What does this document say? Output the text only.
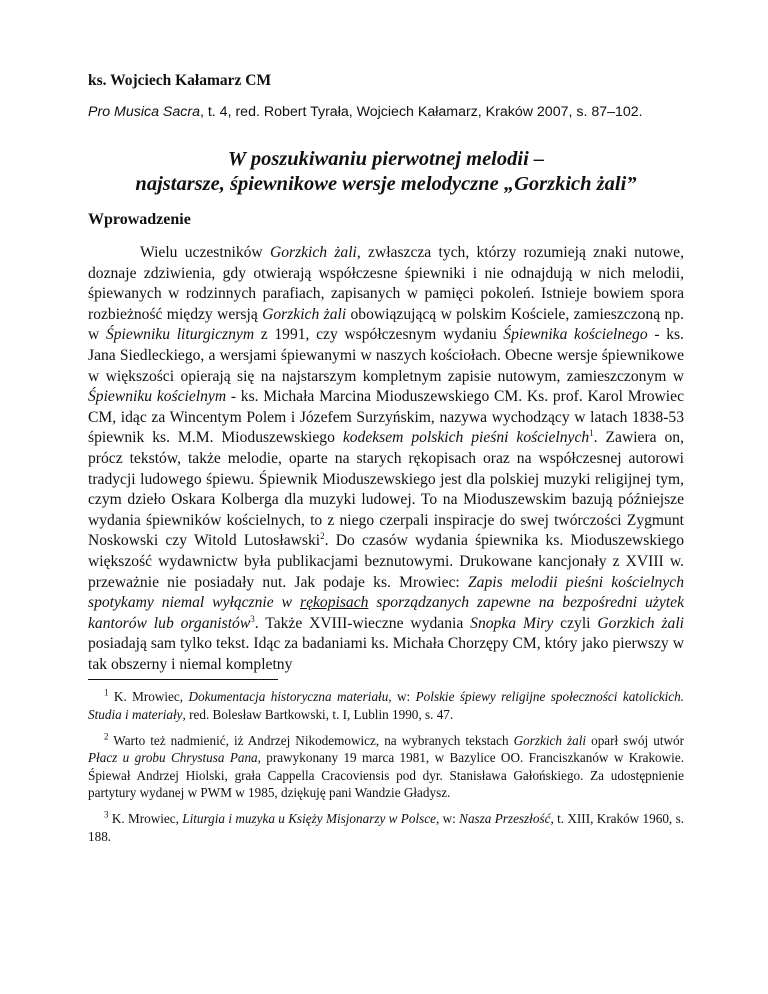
ks. Wojciech Kałamarz CM

Pro Musica Sacra, t. 4, red. Robert Tyrała, Wojciech Kałamarz, Kraków 2007, s. 87–102.

W poszukiwaniu pierwotnej melodii –
najstarsze, śpiewnikowe wersje melodyczne „Gorzkich żali”

Wprowadzenie

Wielu uczestników Gorzkich żali, zwłaszcza tych, którzy rozumieją znaki nutowe, doznaje zdziwienia, gdy otwierają współczesne śpiewniki i nie odnajdują w nich melodii, śpiewanych w rodzinnych parafiach, zapisanych w pamięci pokoleń. Istnieje bowiem spora rozbieżność między wersją Gorzkich żali obowiązującą w polskim Kościele, zamieszczoną np. w Śpiewniku liturgicznym z 1991, czy współczesnym wydaniu Śpiewnika kościelnego - ks. Jana Siedleckiego, a wersjami śpiewanymi w naszych kościołach. Obecne wersje śpiewnikowe w większości opierają się na najstarszym kompletnym zapisie nutowym, zamieszczonym w Śpiewniku kościelnym - ks. Michała Marcina Mioduszewskiego CM. Ks. prof. Karol Mrowiec CM, idąc za Wincentym Polem i Józefem Surzyńskim, nazywa wychodzący w latach 1838-53 śpiewnik ks. M.M. Mioduszewskiego kodeksem polskich pieśni kościelnych$^1$. Zawiera on, prócz tekstów, także melodie, oparte na starych rękopisach oraz na współczesnej autorowi tradycji ludowego śpiewu. Śpiewnik Mioduszewskiego jest dla polskiej muzyki religijnej tym, czym dzieło Oskara Kolberga dla muzyki ludowej. To na Mioduszewskim bazują późniejsze wydania śpiewników kościelnych, to z niego czerpali inspiracje do swej twórczości Zygmunt Noskowski czy Witold Lutosławski$^2$. Do czasów wydania śpiewnika ks. Mioduszewskiego większość wydawnictw była publikacjami beznutowymi. Drukowane kancjonały z XVIII w. przeważnie nie posiadały nut. Jak podaje ks. Mrowiec: Zapis melodii pieśni kościelnych spotykamy niemal wyłącznie w rękopisach sporządzanych zapewne na bezpośredni użytek kantorów lub organistów$^3$. Także XVIII-wieczne wydania Snopka Miry czyli Gorzkich żali posiadają sam tylko tekst. Idąc za badaniami ks. Michała Chorzępy CM, który jako pierwszy w tak obszerny i niemal kompletny

$^1$ K. Mrowiec, Dokumentacja historyczna materiału, w: Polskie śpiewy religijne społeczności katolickich. Studia i materiały, red. Bolesław Bartkowski, t. I, Lublin 1990, s. 47.

$^2$ Warto też nadmienić, iż Andrzej Nikodemowicz, na wybranych tekstach Gorzkich żali oparł swój utwór Płacz u grobu Chrystusa Pana, prawykonany 19 marca 1981, w Bazylice OO. Franciszkanów w Krakowie. Śpiewał Andrzej Hiolski, grała Cappella Cracoviensis pod dyr. Stanisława Gałońskiego. Za udostępnienie partytury wydanej w PWM w 1985, dziękuję pani Wandzie Gładysz.

$^3$ K. Mrowiec, Liturgia i muzyka u Księży Misjonarzy w Polsce, w: Nasza Przeszłość, t. XIII, Kraków 1960, s. 188.
